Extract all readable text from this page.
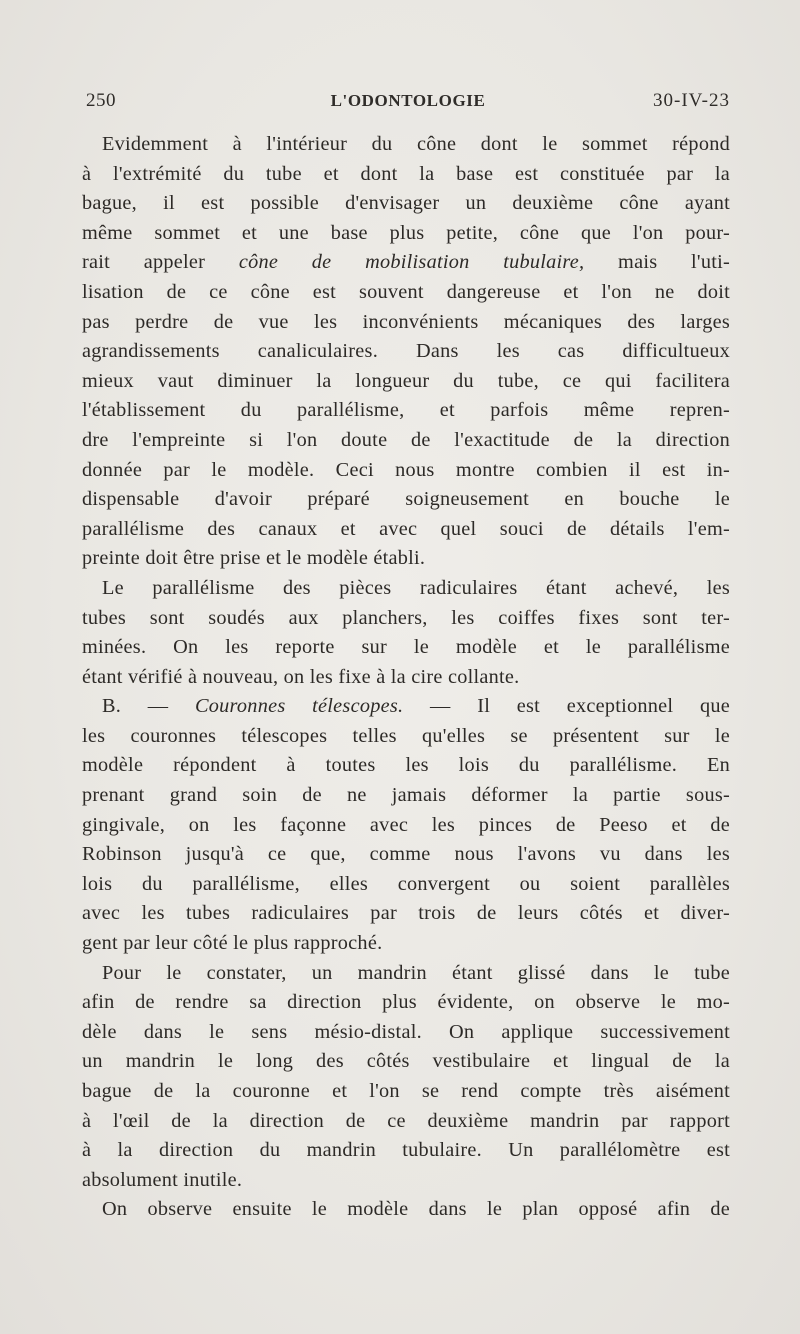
250	L'ODONTOLOGIE	30-IV-23
Evidemment à l'intérieur du cône dont le sommet répond
à l'extrémité du tube et dont la base est constituée par la
bague, il est possible d'envisager un deuxième cône ayant
même sommet et une base plus petite, cône que l'on pour-
rait appeler cône de mobilisation tubulaire, mais l'uti-
lisation de ce cône est souvent dangereuse et l'on ne doit
pas perdre de vue les inconvénients mécaniques des larges
agrandissements canaliculaires. Dans les cas difficultueux
mieux vaut diminuer la longueur du tube, ce qui facilitera
l'établissement du parallélisme, et parfois même repren-
dre l'empreinte si l'on doute de l'exactitude de la direction
donnée par le modèle. Ceci nous montre combien il est in-
dispensable d'avoir préparé soigneusement en bouche le
parallélisme des canaux et avec quel souci de détails l'em-
preinte doit être prise et le modèle établi.
Le parallélisme des pièces radiculaires étant achevé, les
tubes sont soudés aux planchers, les coiffes fixes sont ter-
minées. On les reporte sur le modèle et le parallélisme
étant vérifié à nouveau, on les fixe à la cire collante.
B. — Couronnes télescopes. — Il est exceptionnel que
les couronnes télescopes telles qu'elles se présentent sur le
modèle répondent à toutes les lois du parallélisme. En
prenant grand soin de ne jamais déformer la partie sous-
gingivale, on les façonne avec les pinces de Peeso et de
Robinson jusqu'à ce que, comme nous l'avons vu dans les
lois du parallélisme, elles convergent ou soient parallèles
avec les tubes radiculaires par trois de leurs côtés et diver-
gent par leur côté le plus rapproché.
Pour le constater, un mandrin étant glissé dans le tube
afin de rendre sa direction plus évidente, on observe le mo-
dèle dans le sens mésio-distal. On applique successivement
un mandrin le long des côtés vestibulaire et lingual de la
bague de la couronne et l'on se rend compte très aisément
à l'œil de la direction de ce deuxième mandrin par rapport
à la direction du mandrin tubulaire. Un parallélomètre est
absolument inutile.
On observe ensuite le modèle dans le plan opposé afin de
